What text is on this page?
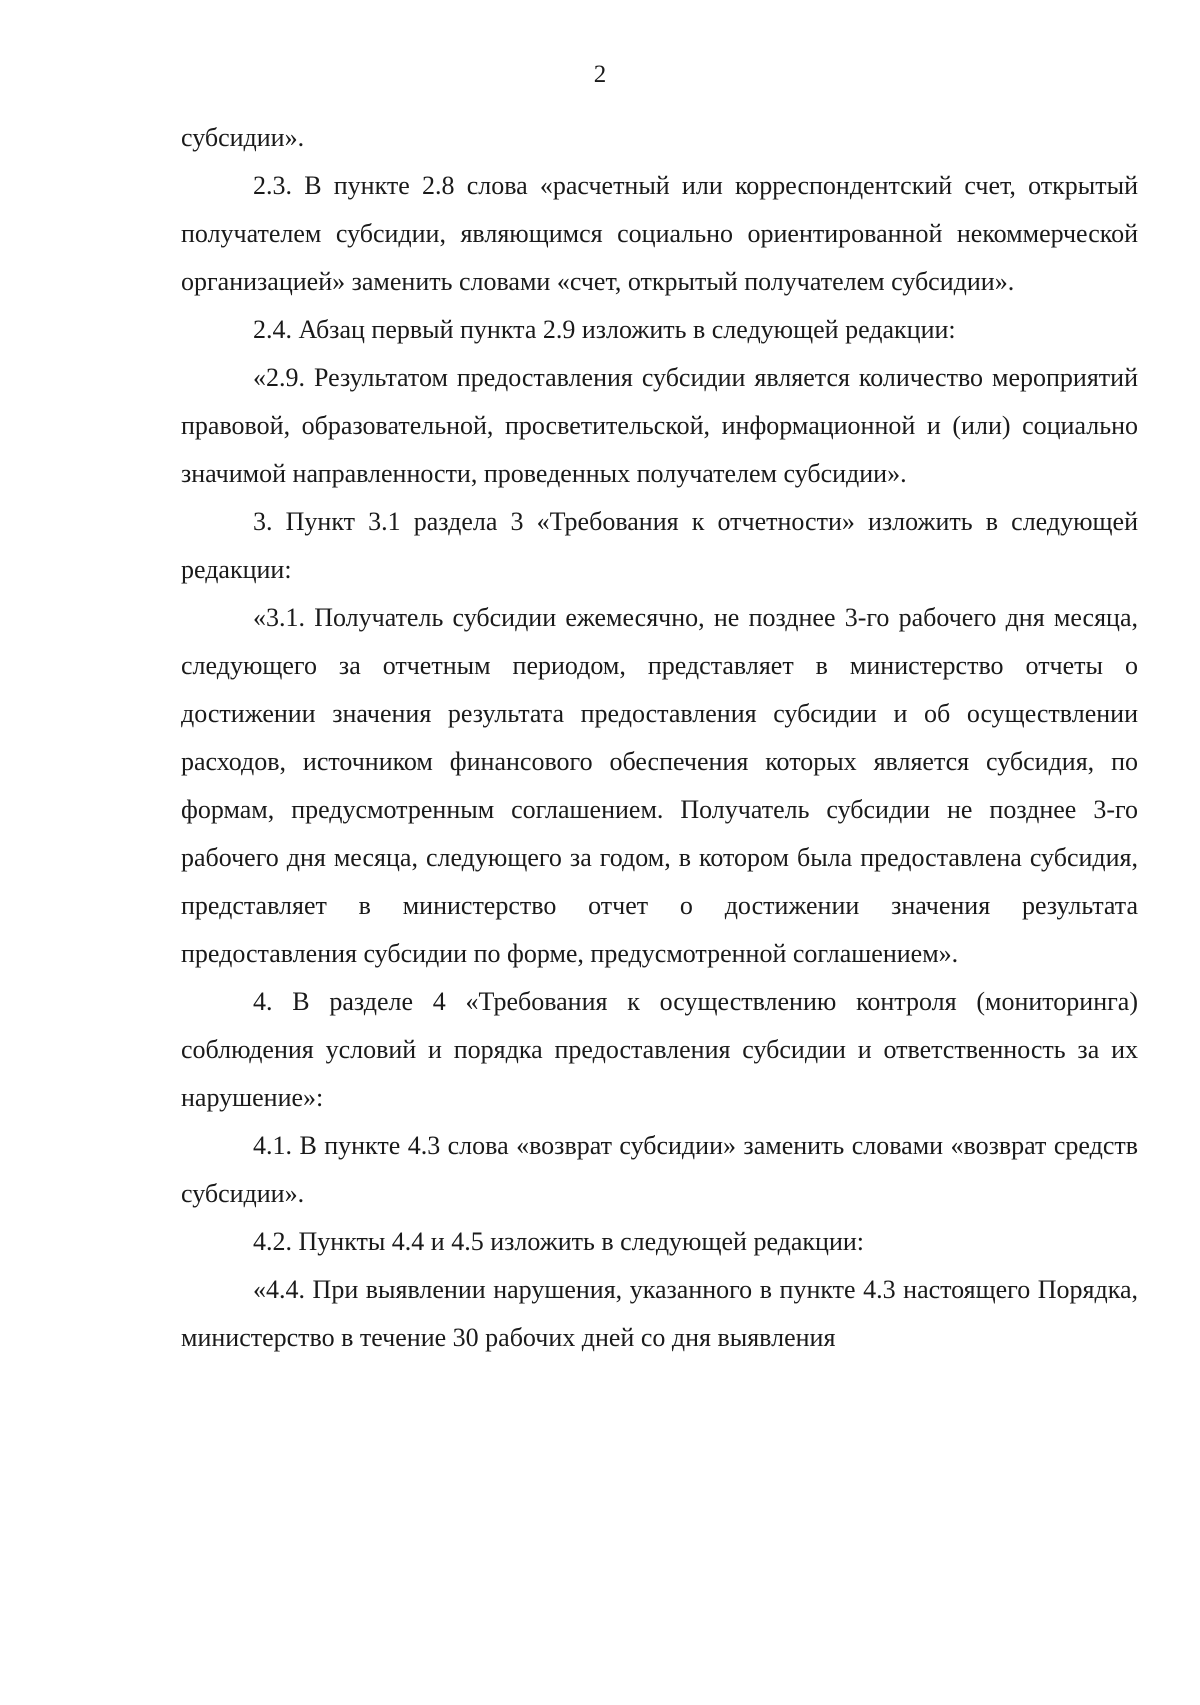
2

субсидии».

2.3. В пункте 2.8 слова «расчетный или корреспондентский счет, открытый получателем субсидии, являющимся социально ориентированной некоммерческой организацией» заменить словами «счет, открытый получателем субсидии».

2.4. Абзац первый пункта 2.9 изложить в следующей редакции:

«2.9. Результатом предоставления субсидии является количество мероприятий правовой, образовательной, просветительской, информационной и (или) социально значимой направленности, проведенных получателем субсидии».

3. Пункт 3.1 раздела 3 «Требования к отчетности» изложить в следующей редакции:

«3.1. Получатель субсидии ежемесячно, не позднее 3-го рабочего дня месяца, следующего за отчетным периодом, представляет в министерство отчеты о достижении значения результата предоставления субсидии и об осуществлении расходов, источником финансового обеспечения которых является субсидия, по формам, предусмотренным соглашением. Получатель субсидии не позднее 3-го рабочего дня месяца, следующего за годом, в котором была предоставлена субсидия, представляет в министерство отчет о достижении значения результата предоставления субсидии по форме, предусмотренной соглашением».

4. В разделе 4 «Требования к осуществлению контроля (мониторинга) соблюдения условий и порядка предоставления субсидии и ответственность за их нарушение»:

4.1. В пункте 4.3 слова «возврат субсидии» заменить словами «возврат средств субсидии».

4.2. Пункты 4.4 и 4.5 изложить в следующей редакции:

«4.4. При выявлении нарушения, указанного в пункте 4.3 настоящего Порядка, министерство в течение 30 рабочих дней со дня выявления
